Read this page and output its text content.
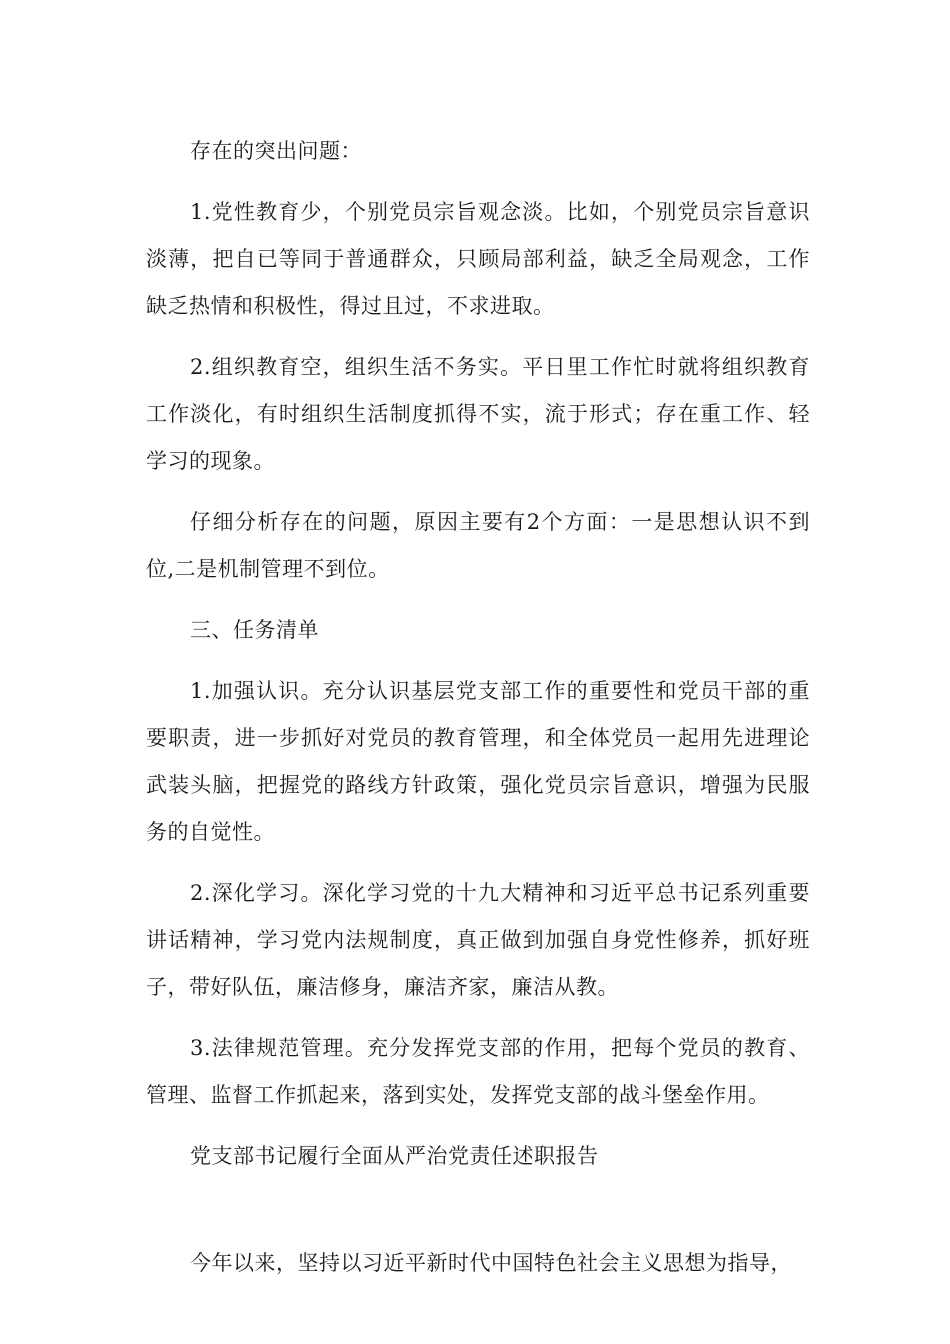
存在的突出问题：

1.党性教育少，个别党员宗旨观念淡。比如，个别党员宗旨意识淡薄，把自已等同于普通群众，只顾局部利益，缺乏全局观念，工作缺乏热情和积极性，得过且过，不求进取。

2.组织教育空，组织生活不务实。平日里工作忙时就将组织教育工作淡化，有时组织生活制度抓得不实，流于形式；存在重工作、轻学习的现象。

仔细分析存在的问题，原因主要有2个方面：一是思想认识不到位,二是机制管理不到位。

三、任务清单

1.加强认识。充分认识基层党支部工作的重要性和党员干部的重要职责，进一步抓好对党员的教育管理，和全体党员一起用先进理论武装头脑，把握党的路线方针政策，强化党员宗旨意识，增强为民服务的自觉性。

2.深化学习。深化学习党的十九大精神和习近平总书记系列重要讲话精神，学习党内法规制度，真正做到加强自身党性修养，抓好班子，带好队伍，廉洁修身，廉洁齐家，廉洁从教。

3.法律规范管理。充分发挥党支部的作用，把每个党员的教育、管理、监督工作抓起来，落到实处，发挥党支部的战斗堡垒作用。

党支部书记履行全面从严治党责任述职报告

今年以来，坚持以习近平新时代中国特色社会主义思想为指导，
